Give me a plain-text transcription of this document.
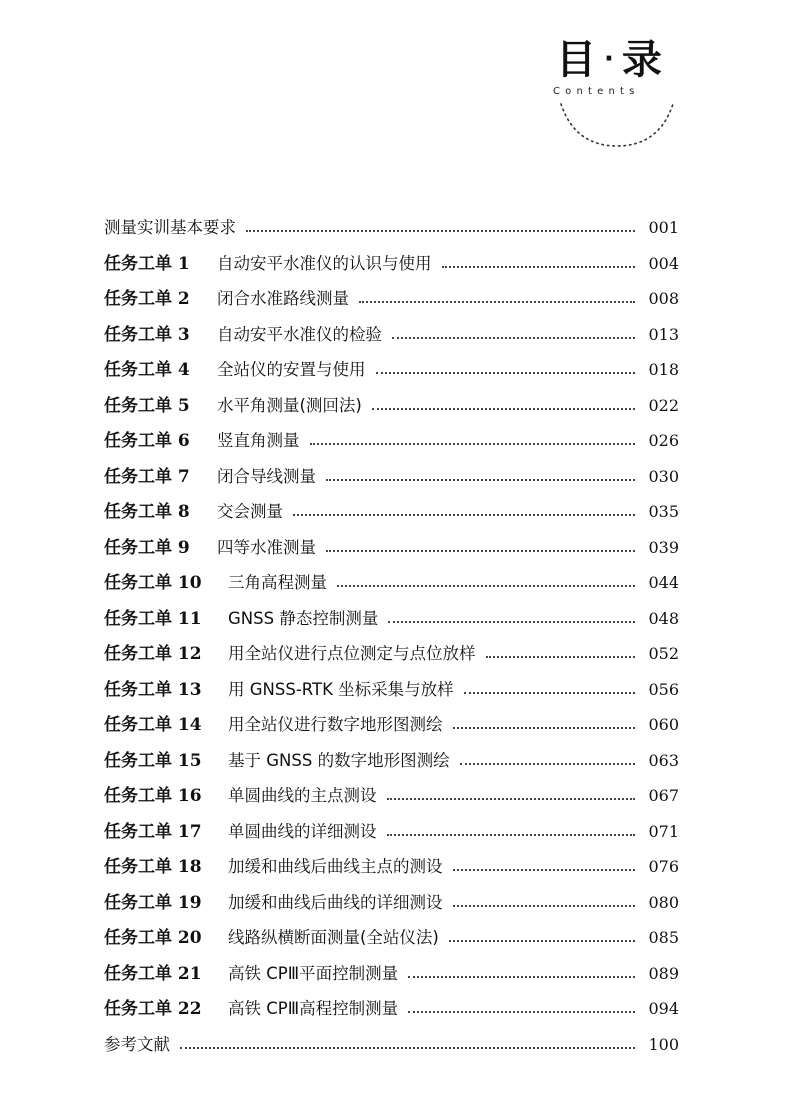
目 · 录
Contents
测量实训基本要求	001
任务工单 1	自动安平水准仪的认识与使用	004
任务工单 2	闭合水准路线测量	008
任务工单 3	自动安平水准仪的检验	013
任务工单 4	全站仪的安置与使用	018
任务工单 5	水平角测量(测回法)	022
任务工单 6	竖直角测量	026
任务工单 7	闭合导线测量	030
任务工单 8	交会测量	035
任务工单 9	四等水准测量	039
任务工单 10	三角高程测量	044
任务工单 11	GNSS 静态控制测量	048
任务工单 12	用全站仪进行点位测定与点位放样	052
任务工单 13	用 GNSS-RTK 坐标采集与放样	056
任务工单 14	用全站仪进行数字地形图测绘	060
任务工单 15	基于 GNSS 的数字地形图测绘	063
任务工单 16	单圆曲线的主点测设	067
任务工单 17	单圆曲线的详细测设	071
任务工单 18	加缓和曲线后曲线主点的测设	076
任务工单 19	加缓和曲线后曲线的详细测设	080
任务工单 20	线路纵横断面测量(全站仪法)	085
任务工单 21	高铁 CPⅢ平面控制测量	089
任务工单 22	高铁 CPⅢ高程控制测量	094
参考文献	100
